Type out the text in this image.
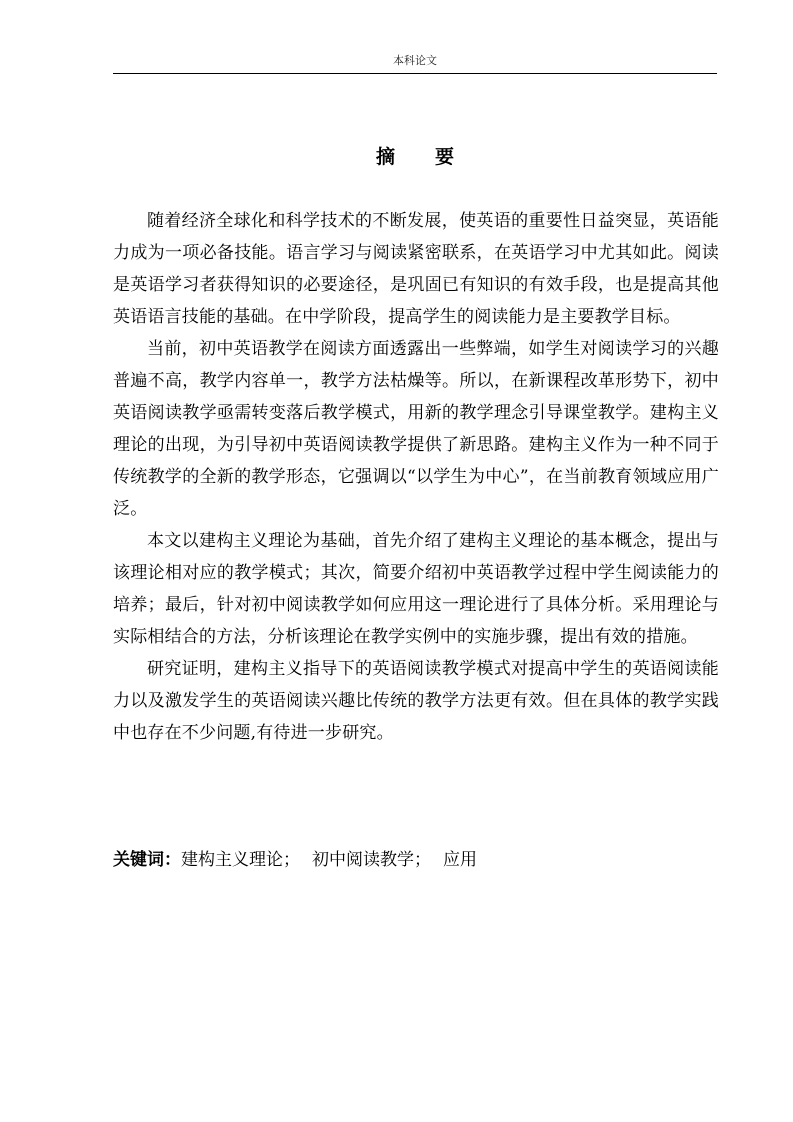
本科论文
摘 要

随着经济全球化和科学技术的不断发展，使英语的重要性日益突显，英语能力成为一项必备技能。语言学习与阅读紧密联系，在英语学习中尤其如此。阅读是英语学习者获得知识的必要途径，是巩固已有知识的有效手段，也是提高其他英语语言技能的基础。在中学阶段，提高学生的阅读能力是主要教学目标。

当前，初中英语教学在阅读方面透露出一些弊端，如学生对阅读学习的兴趣普遍不高，教学内容单一，教学方法枯燥等。所以，在新课程改革形势下，初中英语阅读教学亟需转变落后教学模式，用新的教学理念引导课堂教学。建构主义理论的出现，为引导初中英语阅读教学提供了新思路。建构主义作为一种不同于传统教学的全新的教学形态，它强调以“以学生为中心”，在当前教育领域应用广泛。

本文以建构主义理论为基础，首先介绍了建构主义理论的基本概念，提出与该理论相对应的教学模式；其次，简要介绍初中英语教学过程中学生阅读能力的培养；最后，针对初中阅读教学如何应用这一理论进行了具体分析。采用理论与实际相结合的方法，分析该理论在教学实例中的实施步骤，提出有效的措施。

研究证明，建构主义指导下的英语阅读教学模式对提高中学生的英语阅读能力以及激发学生的英语阅读兴趣比传统的教学方法更有效。但在具体的教学实践中也存在不少问题,有待进一步研究。

关键词：建构主义理论； 初中阅读教学； 应用
